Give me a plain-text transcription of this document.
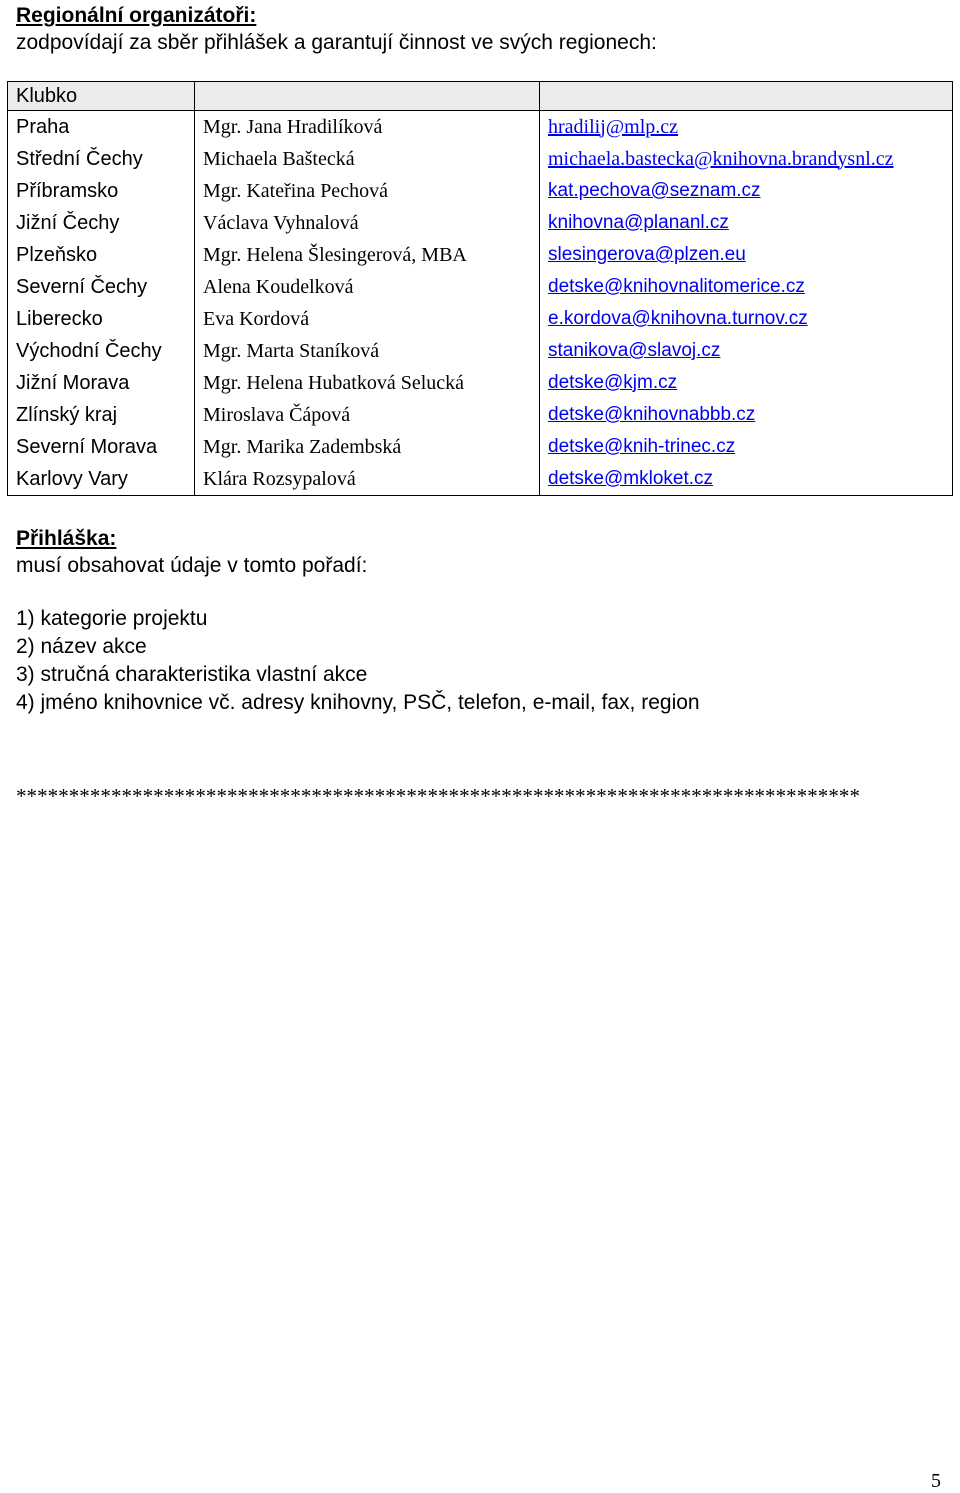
Regionální organizátoři:
zodpovídají za sběr přihlášek a garantují činnost ve svých regionech:
Klubko		
Praha	Mgr. Jana Hradilíková	hradilij@mlp.cz
Střední Čechy	Michaela Baštecká	michaela.bastecka@knihovna.brandysnl.cz
Příbramsko	Mgr. Kateřina Pechová	kat.pechova@seznam.cz
Jižní Čechy	Václava Vyhnalová	knihovna@plananl.cz
Plzeňsko	Mgr. Helena Šlesingerová, MBA	slesingerova@plzen.eu
Severní Čechy	Alena Koudelková	detske@knihovnalitomerice.cz
Liberecko	Eva Kordová	e.kordova@knihovna.turnov.cz
Východní Čechy	Mgr. Marta Staníková	stanikova@slavoj.cz
Jižní Morava	Mgr. Helena Hubatková Selucká	detske@kjm.cz
Zlínský kraj	Miroslava Čápová	detske@knihovnabbb.cz
Severní Morava	Mgr. Marika Zadembská	detske@knih-trinec.cz
Karlovy Vary	Klára Rozsypalová	detske@mkloket.cz
Přihláška:
musí obsahovat údaje v tomto pořadí:
1) kategorie projektu
2) název akce
3) stručná charakteristika vlastní akce
4) jméno knihovnice vč. adresy knihovny, PSČ, telefon, e-mail, fax, region
********************************************************************************
5
